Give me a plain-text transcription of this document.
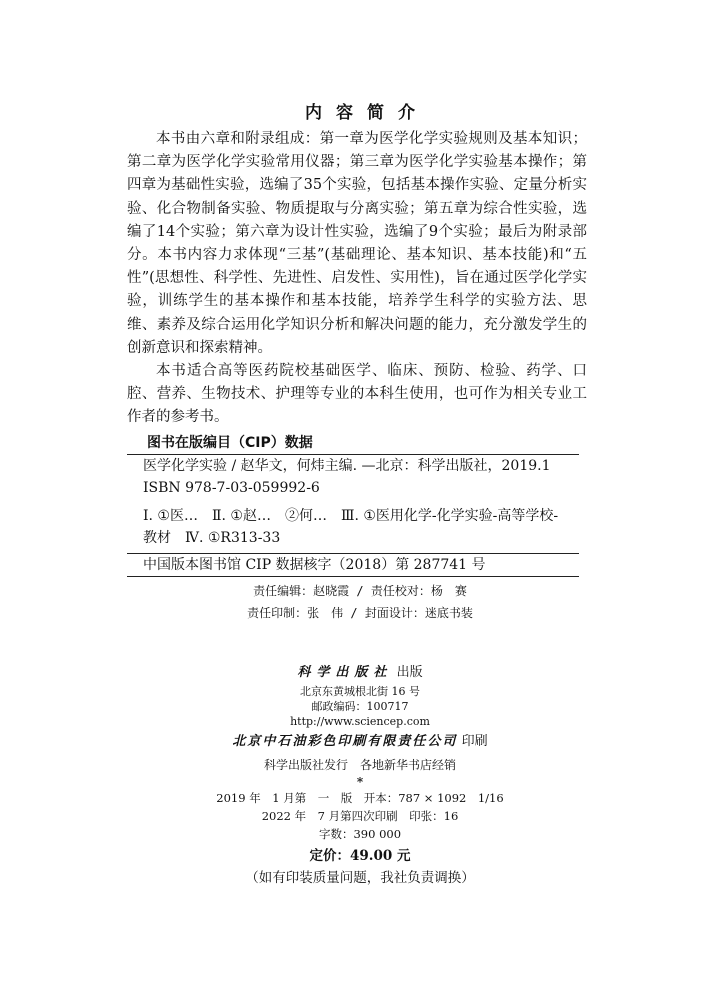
内容简介

本书由六章和附录组成：第一章为医学化学实验规则及基本知识；第二章为医学化学实验常用仪器；第三章为医学化学实验基本操作；第四章为基础性实验，选编了35个实验，包括基本操作实验、定量分析实验、化合物制备实验、物质提取与分离实验；第五章为综合性实验，选编了14个实验；第六章为设计性实验，选编了9个实验；最后为附录部分。本书内容力求体现“三基”(基础理论、基本知识、基本技能)和“五性”(思想性、科学性、先进性、启发性、实用性)，旨在通过医学化学实验，训练学生的基本操作和基本技能，培养学生科学的实验方法、思维、素养及综合运用化学知识分析和解决问题的能力，充分激发学生的创新意识和探索精神。

本书适合高等医药院校基础医学、临床、预防、检验、药学、口腔、营养、生物技术、护理等专业的本科生使用，也可作为相关专业工作者的参考书。

图书在版编目（CIP）数据
医学化学实验 / 赵华文，何炜主编. —北京：科学出版社，2019.1
ISBN 978-7-03-059992-6
Ⅰ. ①医…　Ⅱ. ①赵…　②何…　Ⅲ. ①医用化学-化学实验-高等学校-教材　Ⅳ. ①R313-33
中国版本图书馆 CIP 数据核字（2018）第 287741 号
责任编辑：赵晓霞 / 责任校对：杨　赛
责任印制：张　伟 / 封面设计：迷底书装
科学出版社 出版
北京东黄城根北街 16 号
邮政编码：100717
http://www.sciencep.com
北京中石油彩色印刷有限责任公司 印刷
科学出版社发行　各地新华书店经销
*
2019 年　1 月第　一　版　开本：787 × 1092　1/16
2022 年　7 月第四次印刷　印张：16
字数：390 000
定价：49.00 元
（如有印装质量问题，我社负责调换）
